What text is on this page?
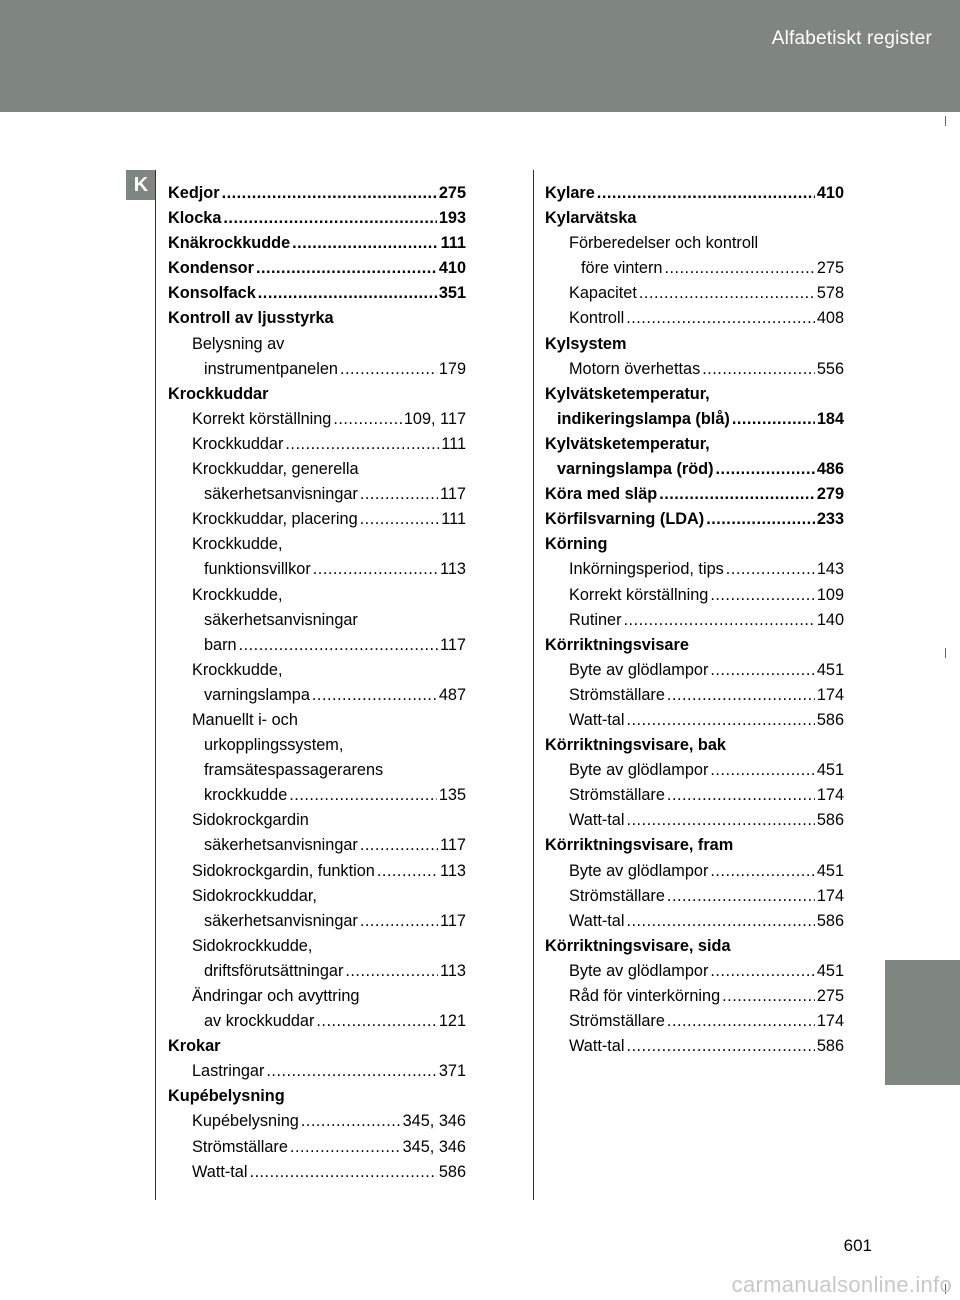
Alfabetiskt register
K	Kedjor .....	275
Klocka .....	193
Knäkrockkudde .....	111
Kondensor .....	410
Konsolfack .....	351
Kontroll av ljusstyrka
Belysning av
instrumentpanelen .....	179
Krockkuddar
Korrekt körställning .....	109, 117
Krockkuddar .....	111
Krockkuddar, generella
säkerhetsanvisningar .....	117
Krockkuddar, placering .....	111
Krockkudde,
funktionsvillkor .....	113
Krockkudde,
säkerhetsanvisningar
barn .....	117
Krockkudde,
varningslampa .....	487
Manuellt i- och
urkopplingssystem,
framsätespassagerarens
krockkudde .....	135
Sidokrockgardin
säkerhetsanvisningar .....	117
Sidokrockgardin, funktion .....	113
Sidokrockkuddar,
säkerhetsanvisningar .....	117
Sidokrockkudde,
driftsförutsättningar .....	113
Ändringar och avyttring
av krockkuddar .....	121
Krokar
Lastringar .....	371
Kupébelysning
Kupébelysning .....	345, 346
Strömställare .....	345, 346
Watt-tal .....	586
Kylare .....	410
Kylarvätska
Förberedelser och kontroll
före vintern .....	275
Kapacitet .....	578
Kontroll .....	408
Kylsystem
Motorn överhettas .....	556
Kylvätsketemperatur,
indikeringslampa (blå) .....	184
Kylvätsketemperatur,
varningslampa (röd) .....	486
Köra med släp .....	279
Körfilsvarning (LDA) .....	233
Körning
Inkörningsperiod, tips .....	143
Korrekt körställning .....	109
Rutiner .....	140
Körriktningsvisare
Byte av glödlampor .....	451
Strömställare .....	174
Watt-tal .....	586
Körriktningsvisare, bak
Byte av glödlampor .....	451
Strömställare .....	174
Watt-tal .....	586
Körriktningsvisare, fram
Byte av glödlampor .....	451
Strömställare .....	174
Watt-tal .....	586
Körriktningsvisare, sida
Byte av glödlampor .....	451
Råd för vinterkörning .....	275
Strömställare .....	174
Watt-tal .....	586
601
carmanualsonline.info
